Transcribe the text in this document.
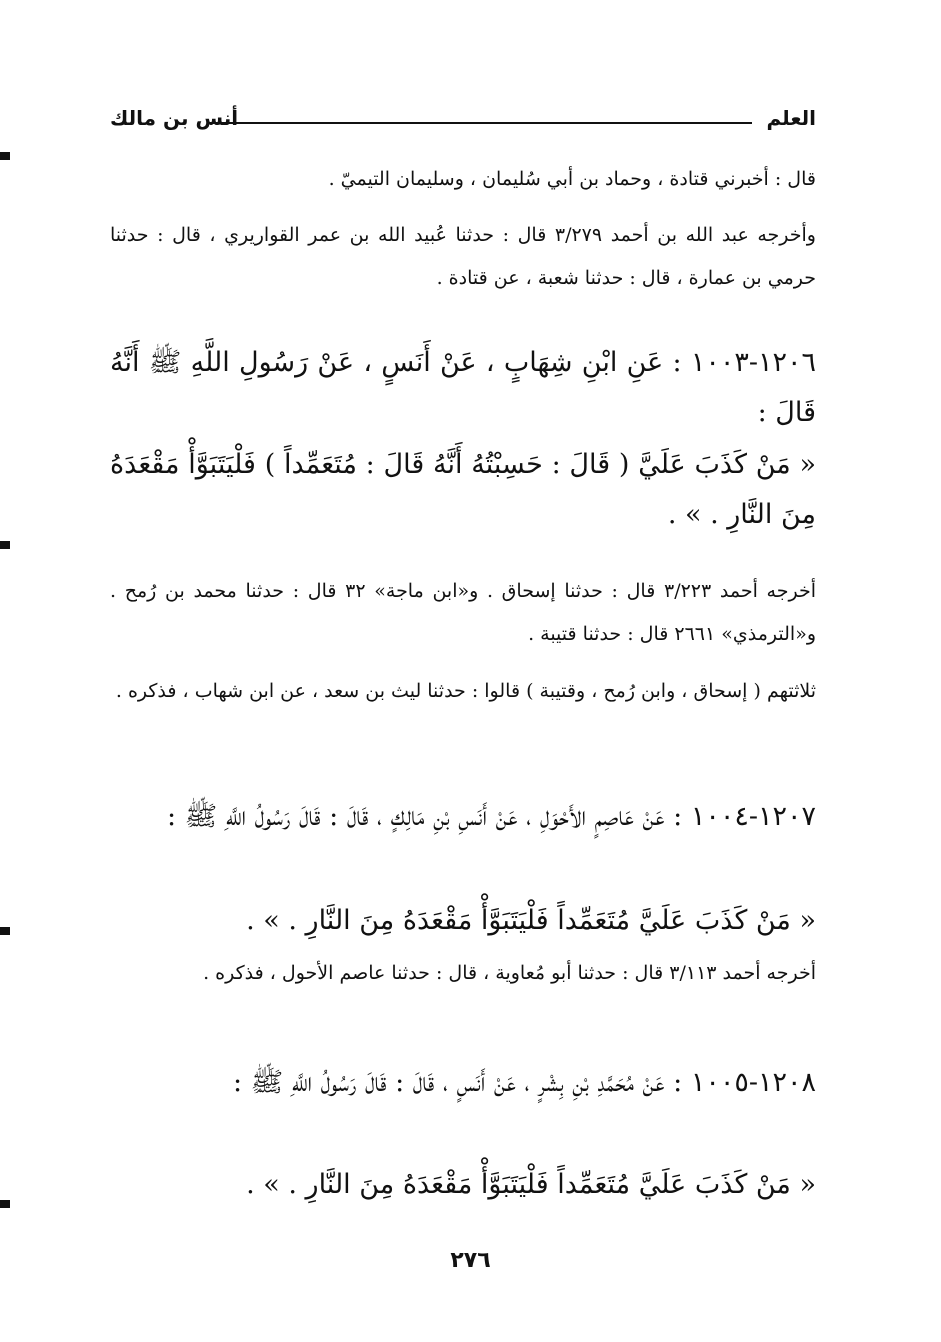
العلم
أنس بن مالك
قال : أخبرني قتادة ، وحماد بن أبي سُليمان ، وسليمان التيميّ .
وأخرجه عبد الله بن أحمد ٣/٢٧٩ قال : حدثنا عُبيد الله بن عمر القواريري ، قال : حدثنا حرمي بن عمارة ، قال : حدثنا شعبة ، عن قتادة .
١٢٠٦-١٠٠٣ : عَنِ ابْنِ شِهَابٍ ، عَنْ أَنَسٍ ، عَنْ رَسُولِ اللَّهِ ﷺ أَنَّهُ قَالَ :
« مَنْ كَذَبَ عَلَيَّ ( قَالَ : حَسِبْتُهُ أَنَّهُ قَالَ : مُتَعَمِّداً ) فَلْيَتَبَوَّأْ مَقْعَدَهُ مِنَ النَّارِ . » .
أخرجه أحمد ٣/٢٢٣ قال : حدثنا إسحاق . و«ابن ماجة» ٣٢ قال : حدثنا محمد بن رُمح . و«الترمذي» ٢٦٦١ قال : حدثنا قتيبة .
ثلاثتهم ( إسحاق ، وابن رُمح ، وقتيبة ) قالوا : حدثنا ليث بن سعد ، عن ابن شهاب ، فذكره .
١٢٠٧-١٠٠٤ : عَنْ عَاصِمٍ الأَحْوَلِ ، عَنْ أَنَسِ بْنِ مَالِكٍ ، قَالَ : قَالَ رَسُولُ اللَّهِ ﷺ :
« مَنْ كَذَبَ عَلَيَّ مُتَعَمِّداً فَلْيَتَبَوَّأْ مَقْعَدَهُ مِنَ النَّارِ . » .
أخرجه أحمد ٣/١١٣ قال : حدثنا أبو مُعاوية ، قال : حدثنا عاصم الأحول ، فذكره .
١٢٠٨-١٠٠٥ : عَنْ مُحَمَّدِ بْنِ بِشْرٍ ، عَنْ أَنَسٍ ، قَالَ : قَالَ رَسُولُ اللَّهِ ﷺ :
« مَنْ كَذَبَ عَلَيَّ مُتَعَمِّداً فَلْيَتَبَوَّأْ مَقْعَدَهُ مِنَ النَّارِ . » .
٢٧٦
